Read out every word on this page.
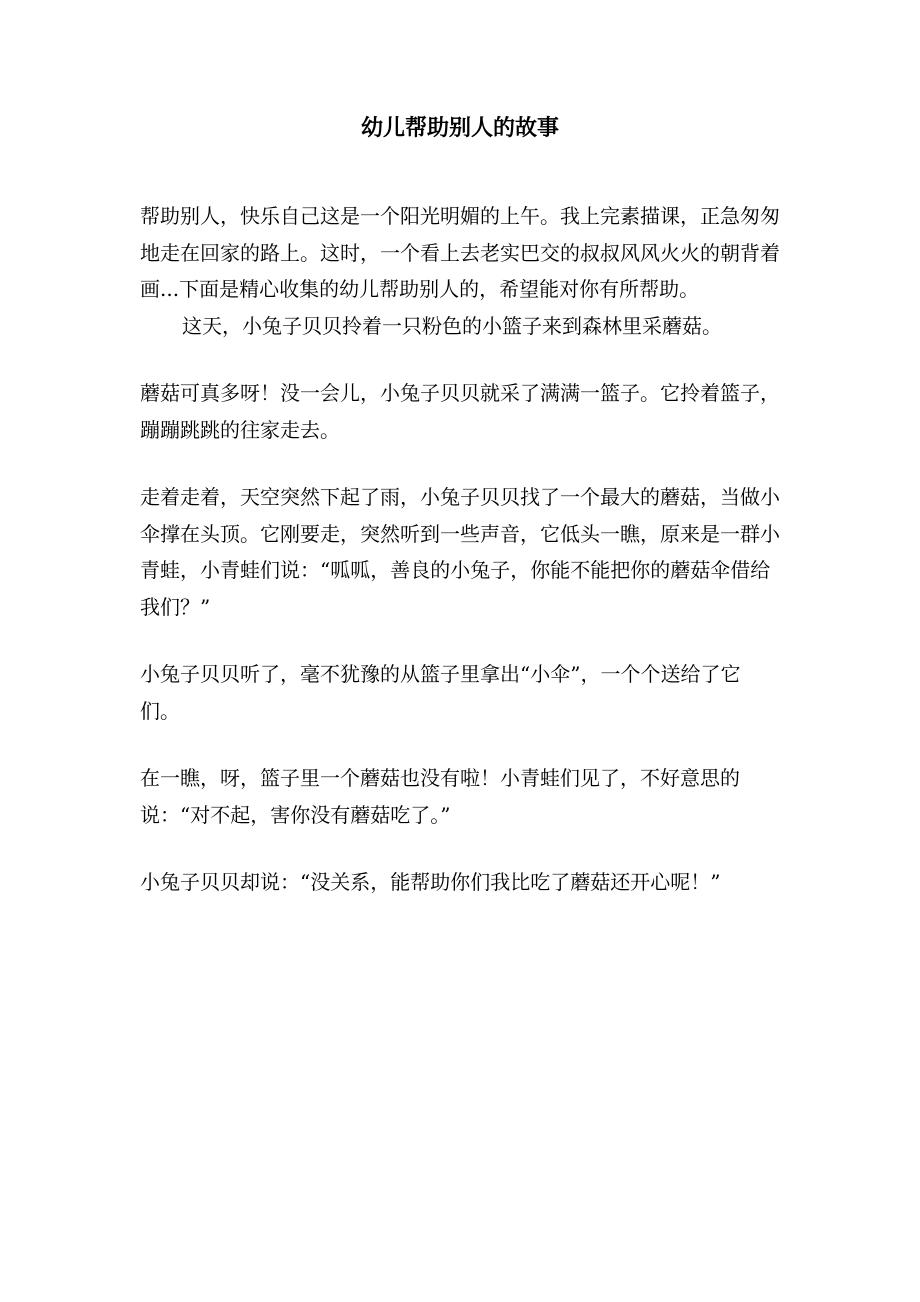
幼儿帮助别人的故事

帮助别人，快乐自己这是一个阳光明媚的上午。我上完素描课，正急匆匆地走在回家的路上。这时，一个看上去老实巴交的叔叔风风火火的朝背着画...下面是精心收集的幼儿帮助别人的，希望能对你有所帮助。

这天，小兔子贝贝拎着一只粉色的小篮子来到森林里采蘑菇。

蘑菇可真多呀！没一会儿，小兔子贝贝就采了满满一篮子。它拎着篮子，蹦蹦跳跳的往家走去。

走着走着，天空突然下起了雨，小兔子贝贝找了一个最大的蘑菇，当做小伞撑在头顶。它刚要走，突然听到一些声音，它低头一瞧，原来是一群小青蛙，小青蛙们说：“呱呱，善良的小兔子，你能不能把你的蘑菇伞借给我们？”

小兔子贝贝听了，毫不犹豫的从篮子里拿出“小伞”，一个个送给了它们。

在一瞧，呀，篮子里一个蘑菇也没有啦！小青蛙们见了，不好意思的说：“对不起，害你没有蘑菇吃了。”

小兔子贝贝却说：“没关系，能帮助你们我比吃了蘑菇还开心呢！”
